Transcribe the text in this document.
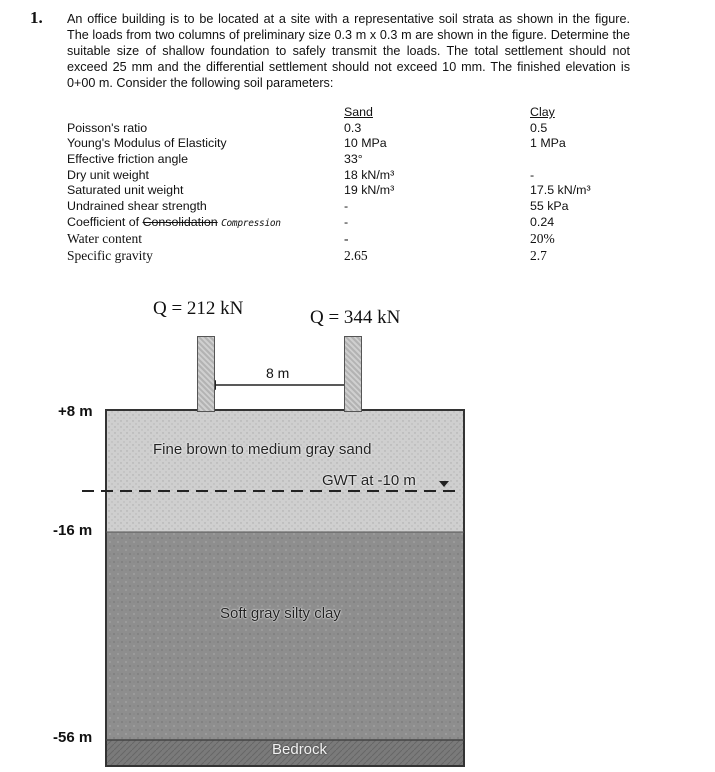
1. An office building is to be located at a site with a representative soil strata as shown in the figure. The loads from two columns of preliminary size 0.3 m x 0.3 m are shown in the figure. Determine the suitable size of shallow foundation to safely transmit the loads. The total settlement should not exceed 25 mm and the differential settlement should not exceed 10 mm. The finished elevation is 0+00 m. Consider the following soil parameters:

Sand	Clay
Poisson's ratio	0.3	0.5
Young's Modulus of Elasticity	10 MPa	1 MPa
Effective friction angle	33°
Dry unit weight	18 kN/m³	-
Saturated unit weight	19 kN/m³	17.5 kN/m³
Undrained shear strength	-	55 kPa
Coefficient of Consolidation Compression	-	0.24
Water content	-	20%
Specific gravity	2.65	2.7
Q = 212 kN	Q = 344 kN
8 m
+8 m
-16 m
-56 m
Fine brown to medium gray sand
GWT at -10 m
Soft gray silty clay
Bedrock
